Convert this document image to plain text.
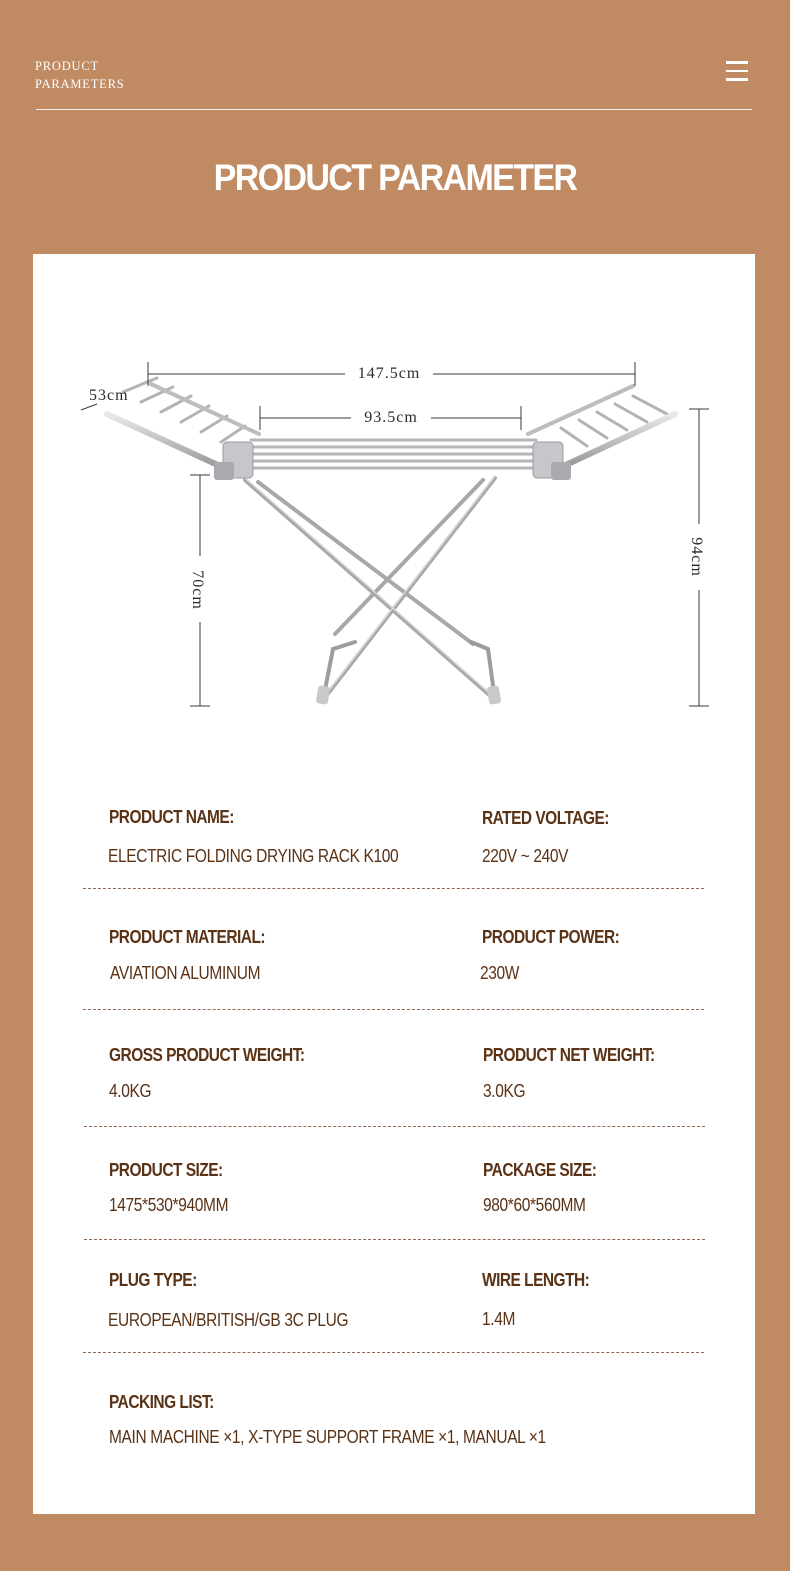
PRODUCT
PARAMETERS
PRODUCT PARAMETER
147.5cm
93.5cm
53cm
70cm
94cm
PRODUCT NAME:
ELECTRIC FOLDING DRYING RACK K100
RATED VOLTAGE:
220V ~ 240V
PRODUCT MATERIAL:
AVIATION ALUMINUM
PRODUCT POWER:
230W
GROSS PRODUCT WEIGHT:
4.0KG
PRODUCT NET WEIGHT:
3.0KG
PRODUCT SIZE:
1475*530*940MM
PACKAGE SIZE:
980*60*560MM
PLUG TYPE:
EUROPEAN/BRITISH/GB 3C PLUG
WIRE LENGTH:
1.4M
PACKING LIST:
MAIN MACHINE ×1, X-TYPE SUPPORT FRAME ×1, MANUAL ×1
